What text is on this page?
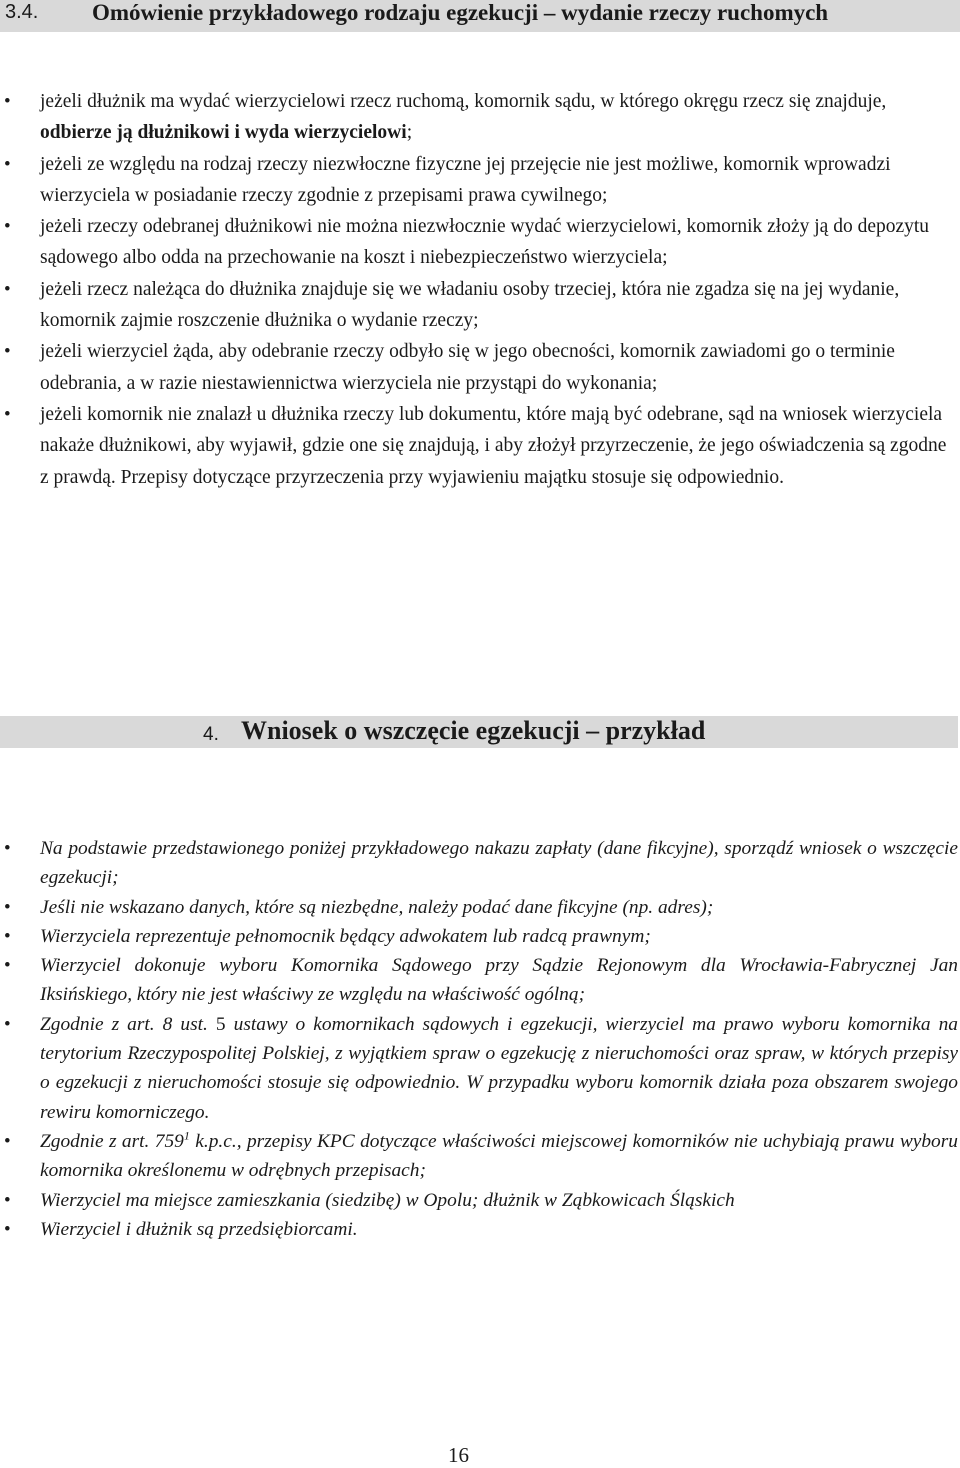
3.4. Omówienie przykładowego rodzaju egzekucji – wydanie rzeczy ruchomych
• jeżeli dłużnik ma wydać wierzycielowi rzecz ruchomą, komornik sądu, w którego okręgu rzecz się znajduje, odbierze ją dłużnikowi i wyda wierzycielowi;
• jeżeli ze względu na rodzaj rzeczy niezwłoczne fizyczne jej przejęcie nie jest możliwe, komornik wprowadzi wierzyciela w posiadanie rzeczy zgodnie z przepisami prawa cywilnego;
• jeżeli rzeczy odebranej dłużnikowi nie można niezwłocznie wydać wierzycielowi, komornik złoży ją do depozytu sądowego albo odda na przechowanie na koszt i niebezpieczeństwo wierzyciela;
• jeżeli rzecz należąca do dłużnika znajduje się we władaniu osoby trzeciej, która nie zgadza się na jej wydanie, komornik zajmie roszczenie dłużnika o wydanie rzeczy;
• jeżeli wierzyciel żąda, aby odebranie rzeczy odbyło się w jego obecności, komornik zawiadomi go o terminie odebrania, a w razie niestawiennictwa wierzyciela nie przystąpi do wykonania;
• jeżeli komornik nie znalazł u dłużnika rzeczy lub dokumentu, które mają być odebrane, sąd na wniosek wierzyciela nakaże dłużnikowi, aby wyjawił, gdzie one się znajdują, i aby złożył przyrzeczenie, że jego oświadczenia są zgodne z prawdą. Przepisy dotyczące przyrzeczenia przy wyjawieniu majątku stosuje się odpowiednio.
4. Wniosek o wszczęcie egzekucji – przykład
• Na podstawie przedstawionego poniżej przykładowego nakazu zapłaty (dane fikcyjne), sporządź wniosek o wszczęcie egzekucji;
• Jeśli nie wskazano danych, które są niezbędne, należy podać dane fikcyjne (np. adres);
• Wierzyciela reprezentuje pełnomocnik będący adwokatem lub radcą prawnym;
• Wierzyciel dokonuje wyboru Komornika Sądowego przy Sądzie Rejonowym dla Wrocławia-Fabrycznej Jan Iksińskiego, który nie jest właściwy ze względu na właściwość ogólną;
• Zgodnie z art. 8 ust. 5 ustawy o komornikach sądowych i egzekucji, wierzyciel ma prawo wyboru komornika na terytorium Rzeczypospolitej Polskiej, z wyjątkiem spraw o egzekucję z nieruchomości oraz spraw, w których przepisy o egzekucji z nieruchomości stosuje się odpowiednio. W przypadku wyboru komornik działa poza obszarem swojego rewiru komorniczego.
• Zgodnie z art. $759^1$ k.p.c., przepisy KPC dotyczące właściwości miejscowej komorników nie uchybiają prawu wyboru komornika określonemu w odrębnych przepisach;
• Wierzyciel ma miejsce zamieszkania (siedzibę) w Opolu; dłużnik w Ząbkowicach Śląskich
• Wierzyciel i dłużnik są przedsiębiorcami.
16
